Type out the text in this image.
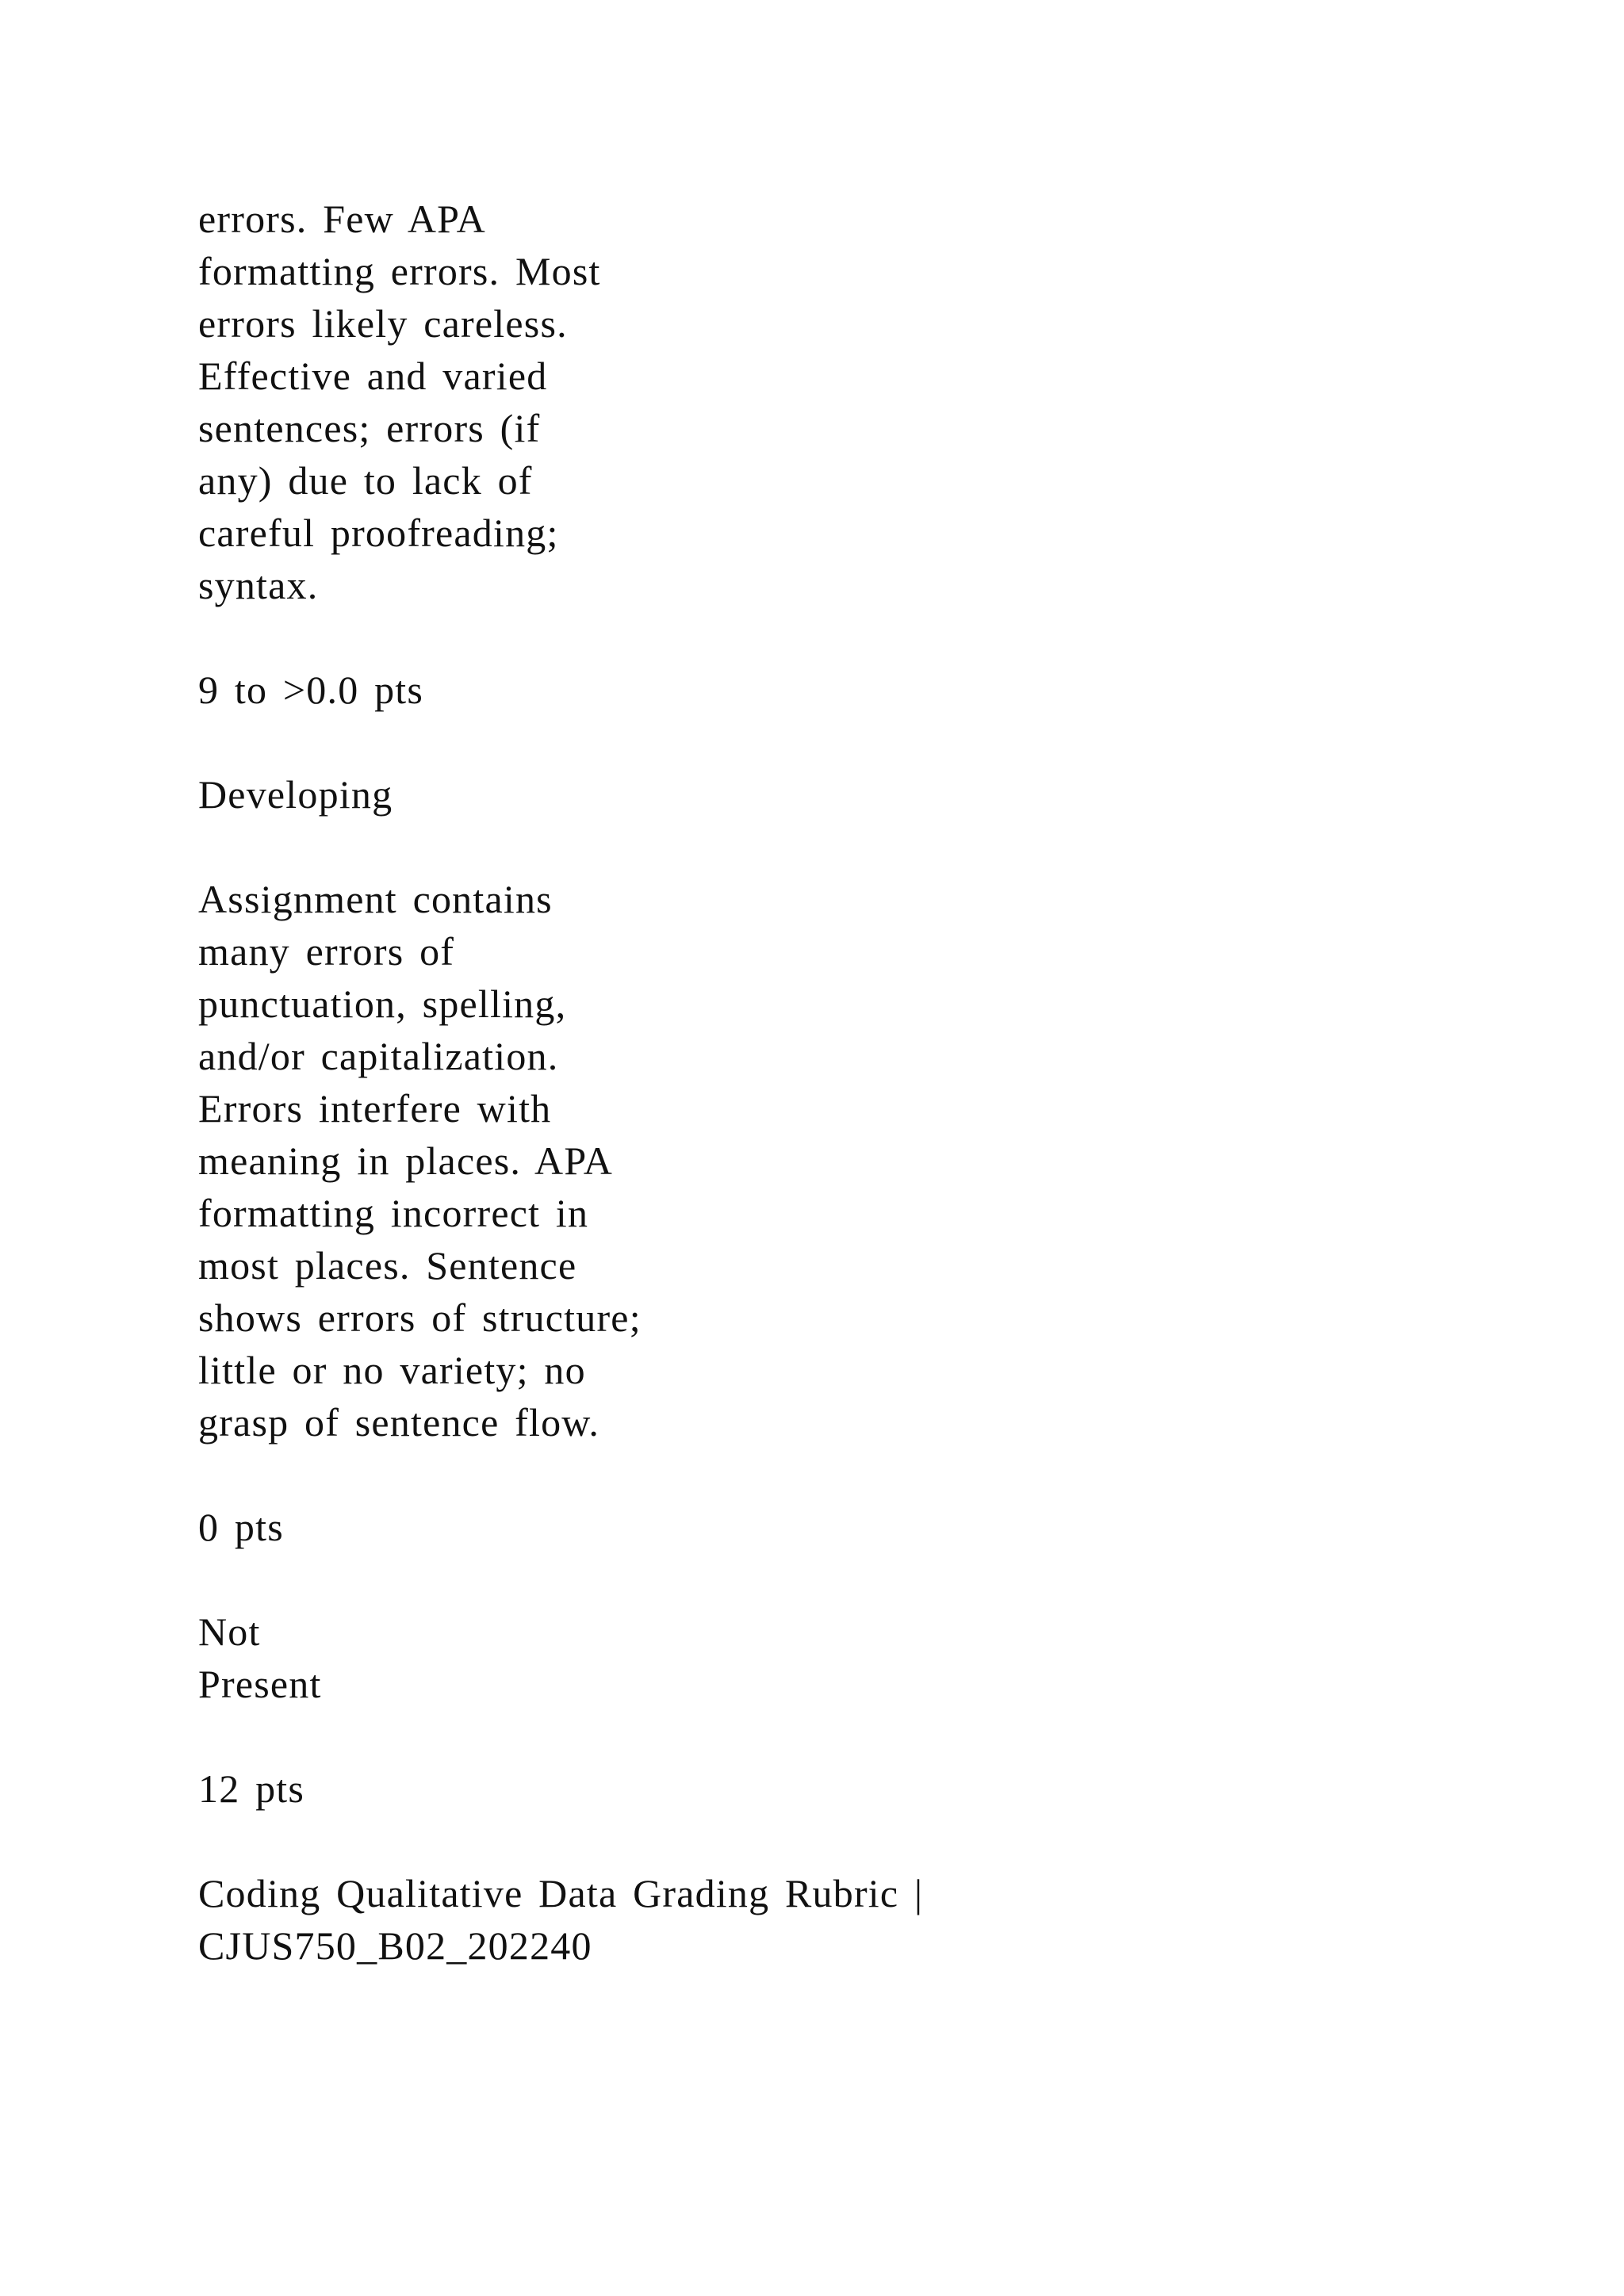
errors. Few APA
formatting errors. Most
errors likely careless.
Effective and varied
sentences; errors (if
any) due to lack of
careful proofreading;
syntax.
9 to >0.0 pts
Developing
Assignment contains
many errors of
punctuation, spelling,
and/or capitalization.
Errors interfere with
meaning in places. APA
formatting incorrect in
most places. Sentence
shows errors of structure;
little or no variety; no
grasp of sentence flow.
0 pts
Not
Present
12 pts
Coding Qualitative Data Grading Rubric |
CJUS750_B02_202240
